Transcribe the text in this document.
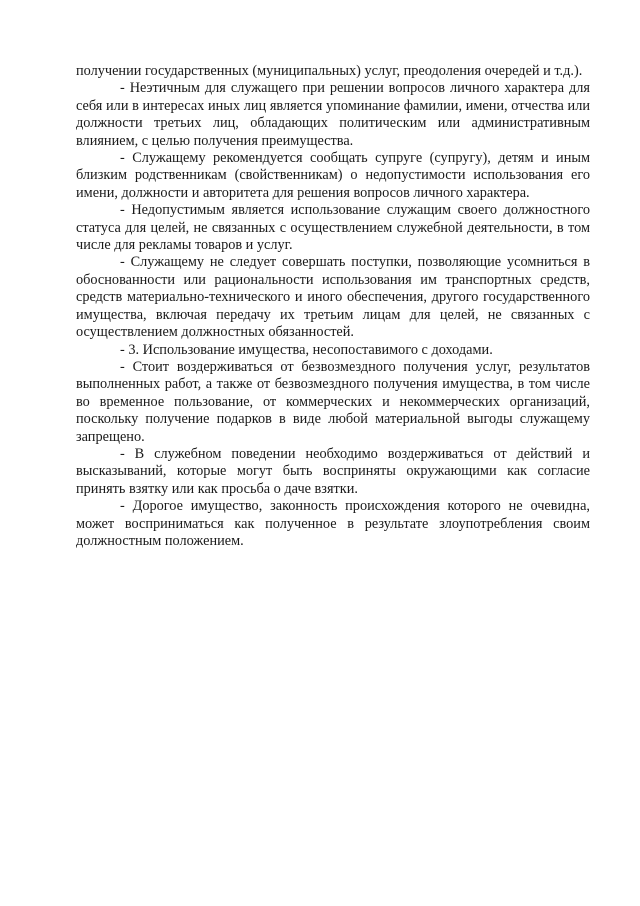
получении государственных (муниципальных) услуг, преодоления очередей и т.д.).

- Неэтичным для служащего при решении вопросов личного характера для себя или в интересах иных лиц является упоминание фамилии, имени, отчества или должности третьих лиц, обладающих политическим или административным влиянием, с целью получения преимущества.

- Служащему рекомендуется сообщать супруге (супругу), детям и иным близким родственникам (свойственникам) о недопустимости использования его имени, должности и авторитета для решения вопросов личного характера.

- Недопустимым является использование служащим своего должностного статуса для целей, не связанных с осуществлением служебной деятельности, в том числе для рекламы товаров и услуг.

- Служащему не следует совершать поступки, позволяющие усомниться в обоснованности или рациональности использования им транспортных средств, средств материально-технического и иного обеспечения, другого государственного имущества, включая передачу их третьим лицам для целей, не связанных с осуществлением должностных обязанностей.

- 3. Использование имущества, несопоставимого с доходами.

- Стоит воздерживаться от безвозмездного получения услуг, результатов выполненных работ, а также от безвозмездного получения имущества, в том числе во временное пользование, от коммерческих и некоммерческих организаций, поскольку получение подарков в виде любой материальной выгоды служащему запрещено.

- В служебном поведении необходимо воздерживаться от действий и высказываний, которые могут быть восприняты окружающими как согласие принять взятку или как просьба о даче взятки.

- Дорогое имущество, законность происхождения которого не очевидна, может восприниматься как полученное в результате злоупотребления своим должностным положением.
